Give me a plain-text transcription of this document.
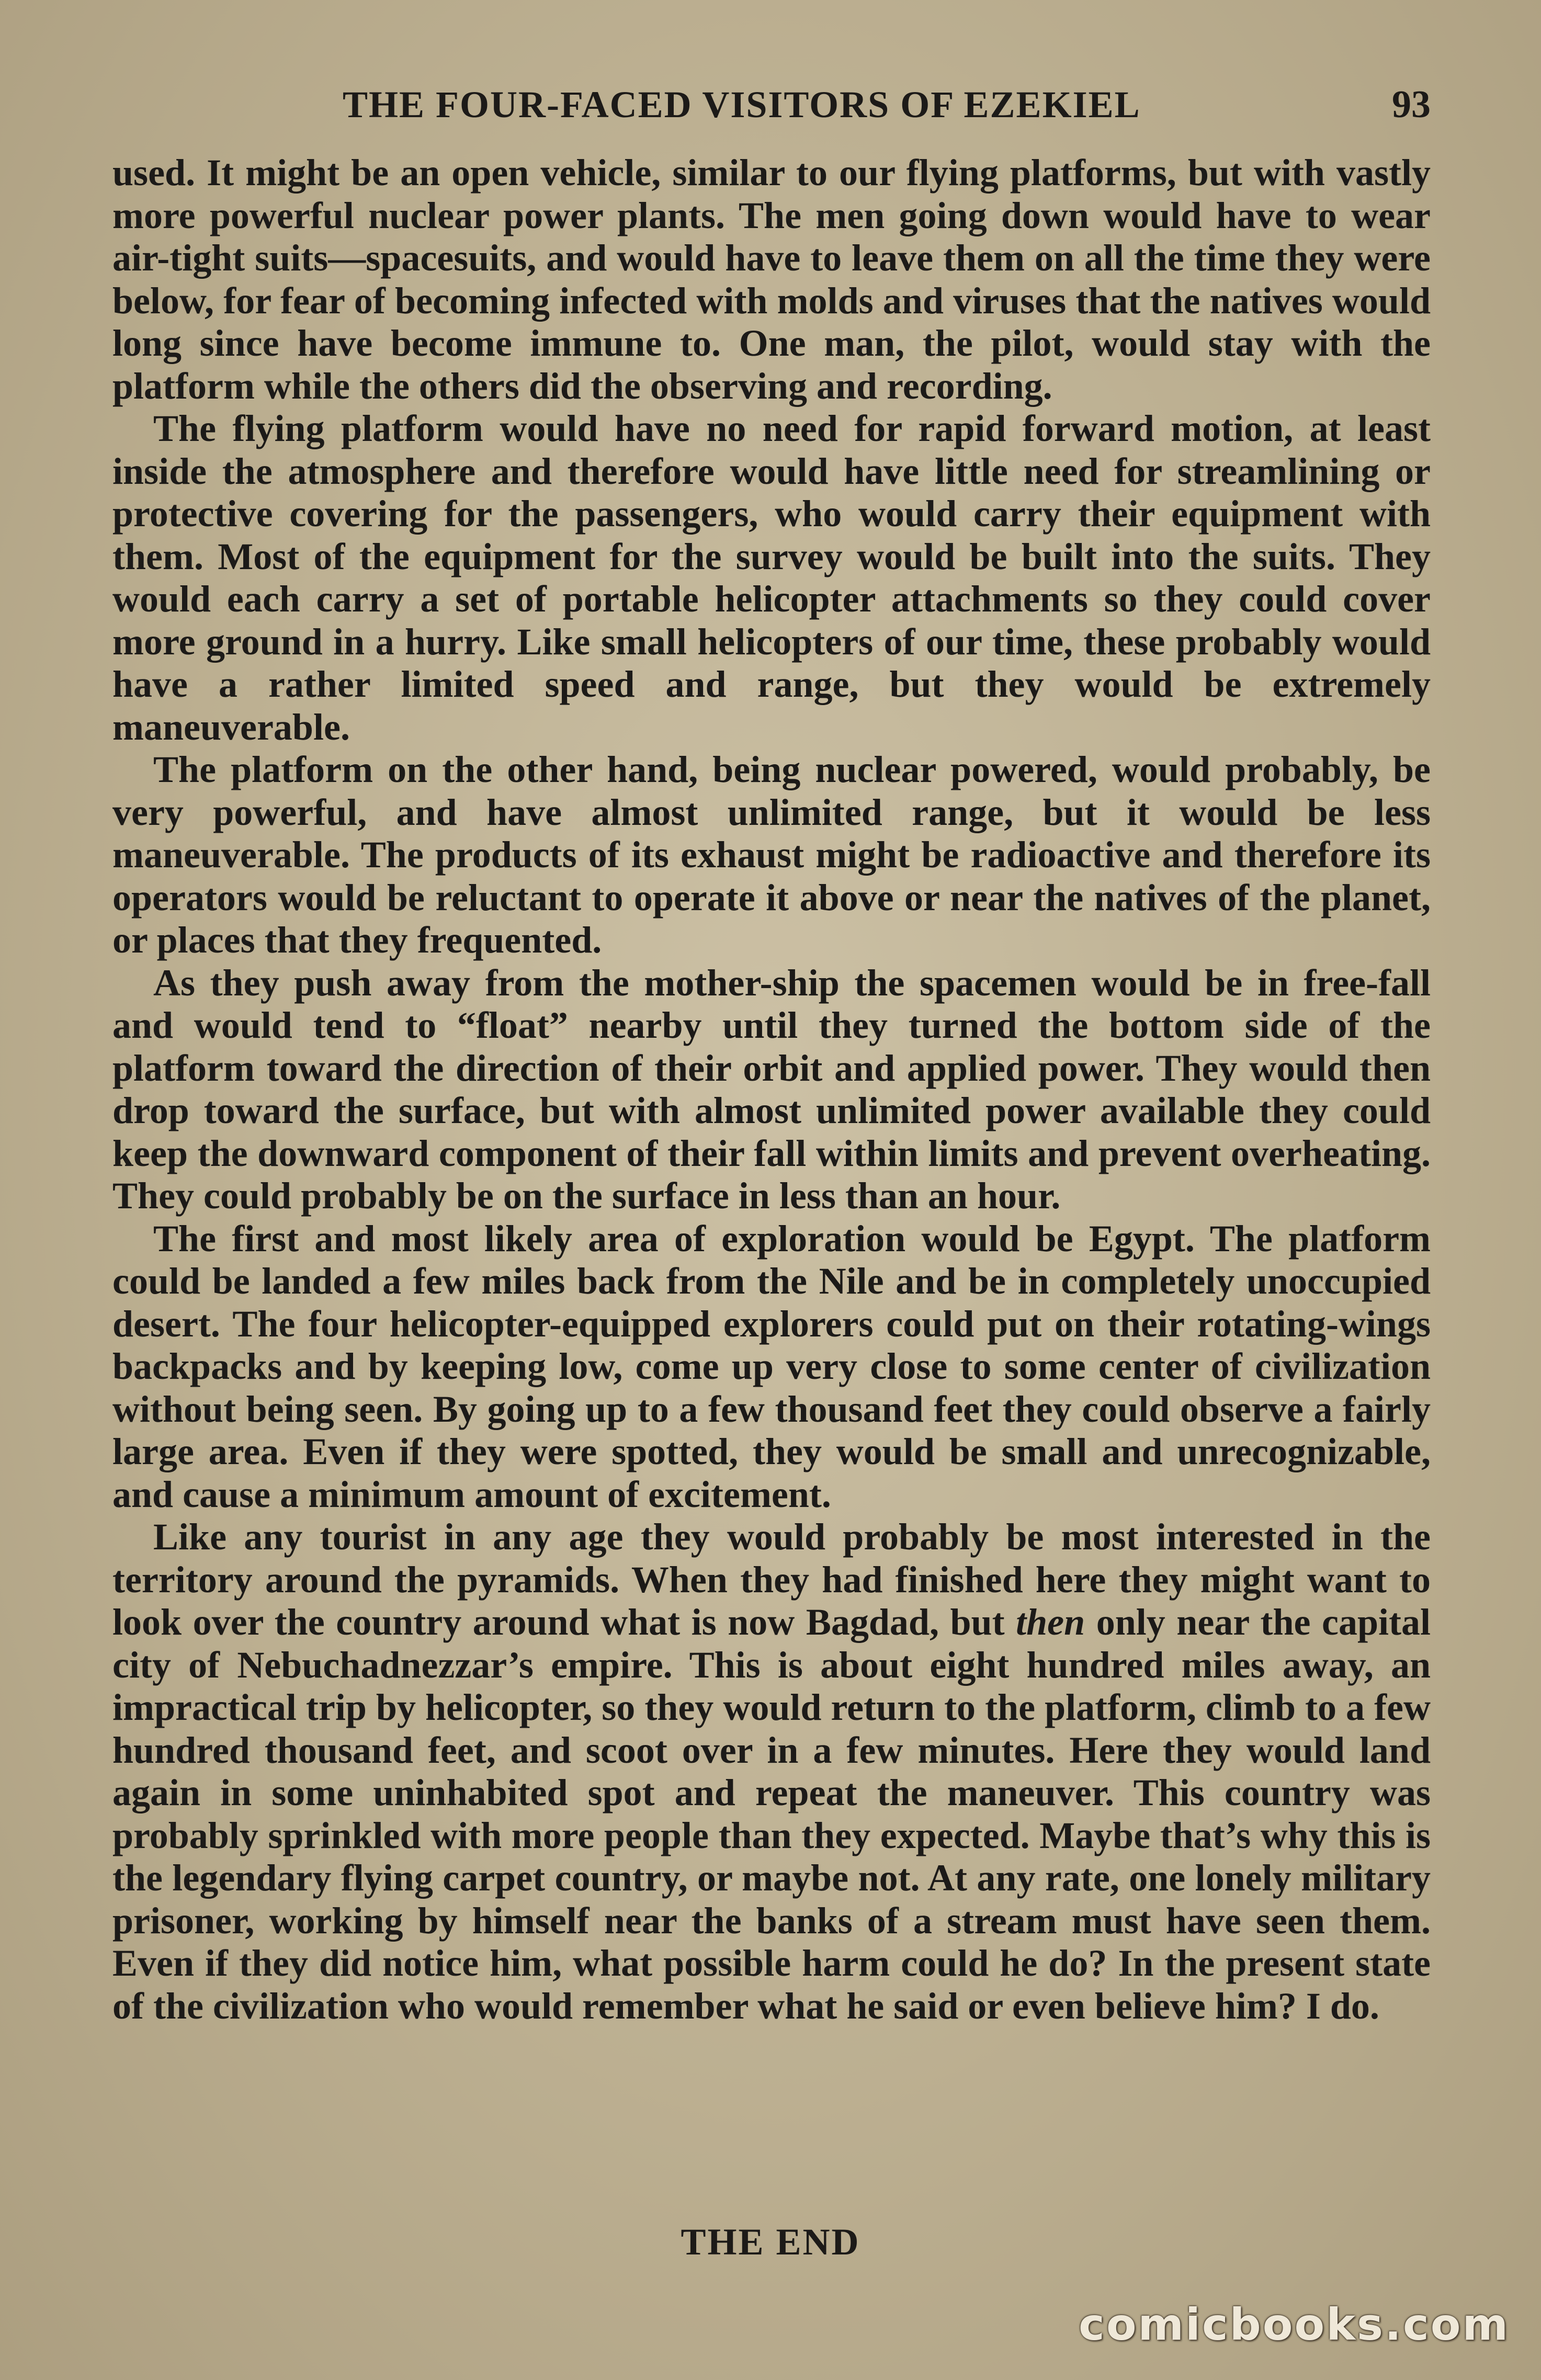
THE FOUR-FACED VISITORS OF EZEKIEL	93

used. It might be an open vehicle, similar to our flying platforms, but with vastly more powerful nuclear power plants. The men going down would have to wear air-tight suits—spacesuits, and would have to leave them on all the time they were below, for fear of becoming infected with molds and viruses that the natives would long since have become immune to. One man, the pilot, would stay with the platform while the others did the observing and recording.

The flying platform would have no need for rapid forward motion, at least inside the atmosphere and therefore would have little need for streamlining or protective covering for the passengers, who would carry their equipment with them. Most of the equipment for the survey would be built into the suits. They would each carry a set of portable helicopter attachments so they could cover more ground in a hurry. Like small helicopters of our time, these probably would have a rather limited speed and range, but they would be extremely maneuverable.

The platform on the other hand, being nuclear powered, would probably, be very powerful, and have almost unlimited range, but it would be less maneuverable. The products of its exhaust might be radioactive and therefore its operators would be reluctant to operate it above or near the natives of the planet, or places that they frequented.

As they push away from the mother-ship the spacemen would be in free-fall and would tend to “float” nearby until they turned the bottom side of the platform toward the direction of their orbit and applied power. They would then drop toward the surface, but with almost unlimited power available they could keep the downward component of their fall within limits and prevent overheating. They could probably be on the surface in less than an hour.

The first and most likely area of exploration would be Egypt. The platform could be landed a few miles back from the Nile and be in completely unoccupied desert. The four helicopter-equipped explorers could put on their rotating-wings backpacks and by keeping low, come up very close to some center of civilization without being seen. By going up to a few thousand feet they could observe a fairly large area. Even if they were spotted, they would be small and unrecognizable, and cause a minimum amount of excitement.

Like any tourist in any age they would probably be most interested in the territory around the pyramids. When they had finished here they might want to look over the country around what is now Bagdad, but then only near the capital city of Nebuchadnezzar’s empire. This is about eight hundred miles away, an impractical trip by helicopter, so they would return to the platform, climb to a few hundred thousand feet, and scoot over in a few minutes. Here they would land again in some uninhabited spot and repeat the maneuver. This country was probably sprinkled with more people than they expected. Maybe that’s why this is the legendary flying carpet country, or maybe not. At any rate, one lonely military prisoner, working by himself near the banks of a stream must have seen them. Even if they did notice him, what possible harm could he do? In the present state of the civilization who would remember what he said or even believe him? I do.

THE END
comicbooks.com
